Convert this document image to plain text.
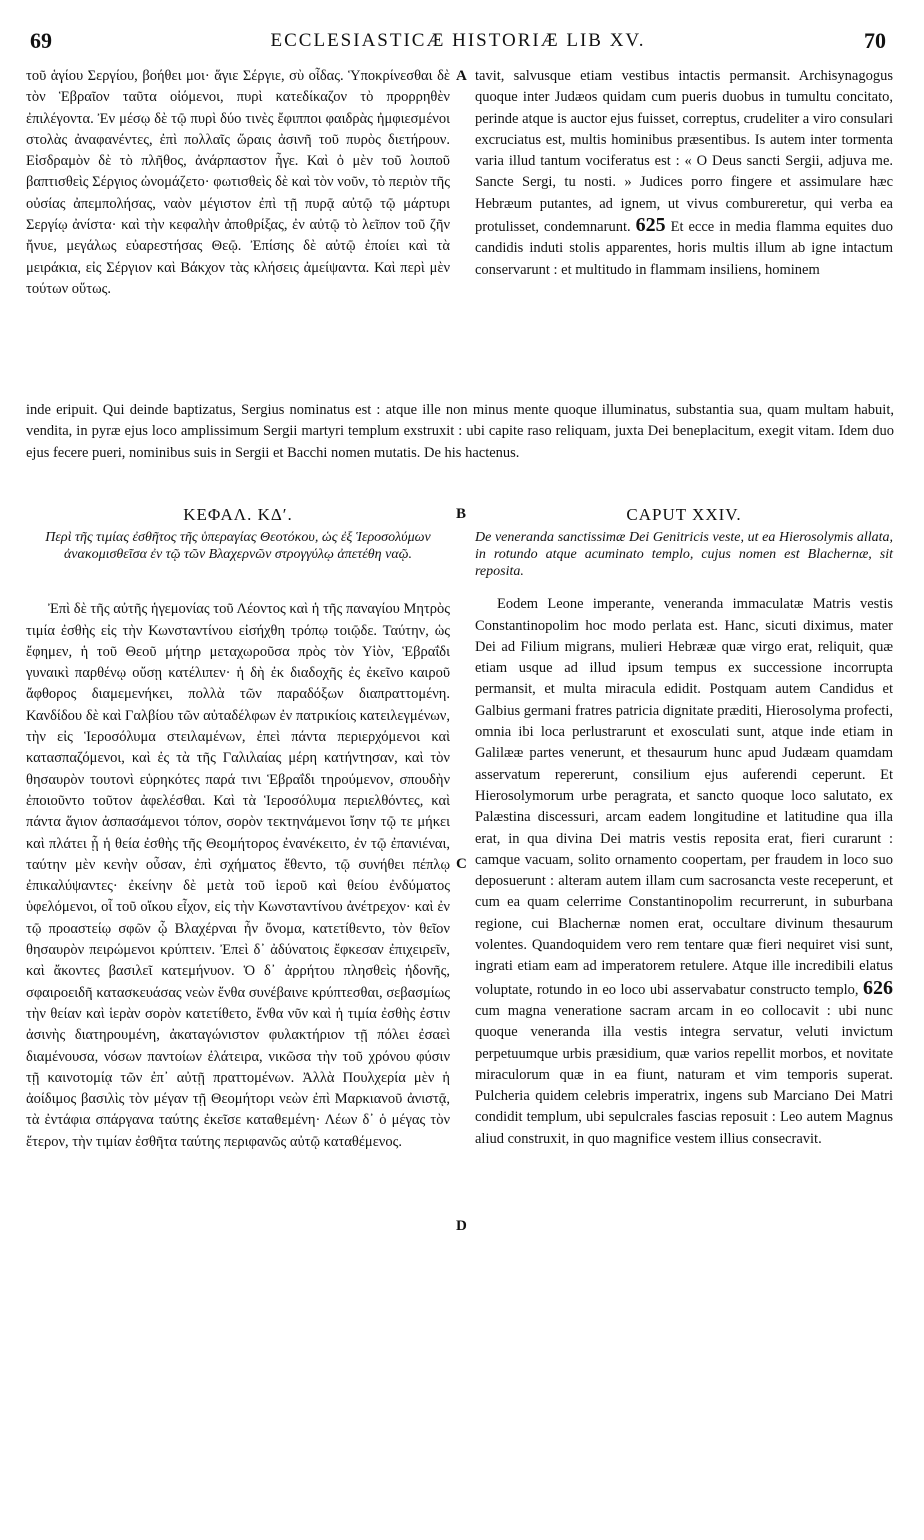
69	ECCLESIASTICÆ HISTORIÆ LIB XV.	70

τοῦ ἁγίου Σεργίου, βοήθει μοι· ἅγιε Σέργιε, σὺ οἶδας. Ὑποκρίνεσθαι δὲ τὸν Ἑβραῖον ταῦτα οἰόμενοι, πυρὶ κατεδίκαζον τὸ προρρηθὲν ἐπιλέγοντα. Ἐν μέσῳ δὲ τῷ πυρὶ δύο τινὲς ἔφιπποι φαιδρὰς ἠμφιεσμένοι στολὰς ἀναφανέντες, ἐπὶ πολλαῖς ὥραις ἀσινῆ τοῦ πυρὸς διετήρουν. Εἰσδραμὸν δὲ τὸ πλῆθος, ἀνάρπαστον ἦγε. Καὶ ὁ μὲν τοῦ λοιποῦ βαπτισθεὶς Σέργιος ὠνομάζετο· φωτισθεὶς δὲ καὶ τὸν νοῦν, τὸ περιὸν τῆς οὐσίας ἀπεμπολήσας, ναὸν μέγιστον ἐπὶ τῇ πυρᾷ αὐτῷ τῷ μάρτυρι Σεργίῳ ἀνίστα· καὶ τὴν κεφαλὴν ἀποθρίξας, ἐν αὐτῷ τὸ λεῖπον τοῦ ζῆν ἤνυε, μεγάλως εὐαρεστήσας Θεῷ. Ἐπίσης δὲ αὐτῷ ἐποίει καὶ τὰ μειράκια, εἰς Σέργιον καὶ Βάκχον τὰς κλήσεις ἀμείψαντα. Καὶ περὶ μὲν τούτων οὕτως.

A tavit, salvusque etiam vestibus intactis permansit. Archisynagogus quoque inter Judæos quidam cum pueris duobus in tumultu concitato, perinde atque is auctor ejus fuisset, correptus, crudeliter a viro consulari excruciatus est, multis hominibus præsentibus. Is autem inter tormenta varia illud tantum vociferatus est : « O Deus sancti Sergii, adjuva me. Sancte Sergi, tu nosti. » Judices porro fingere et assimulare hæc Hebræum putantes, ad ignem, ut vivus combureretur, qui verba ea protulisset, condemnarunt. 625 Et ecce in media flamma equites duo candidis induti stolis apparentes, horis multis illum ab igne intactum conservarunt : et multitudo in flammam insiliens, hominem

inde eripuit. Qui deinde baptizatus, Sergius nominatus est : atque ille non minus mente quoque illuminatus, substantia sua, quam multam habuit, vendita, in pyræ ejus loco amplissimum Sergii martyri templum exstruxit : ubi capite raso reliquam, juxta Dei beneplacitum, exegit vitam. Idem duo ejus fecere pueri, nominibus suis in Sergii et Bacchi nomen mutatis. De his hactenus.

B
ΚΕΦΑΛ. ΚΔʹ.
Περὶ τῆς τιμίας ἐσθῆτος τῆς ὑπεραγίας Θεοτόκου, ὡς ἐξ Ἱεροσολύμων ἀνακομισθεῖσα ἐν τῷ τῶν Βλαχερνῶν στρογγύλῳ ἀπετέθη ναῷ.

Ἐπὶ δὲ τῆς αὐτῆς ἡγεμονίας τοῦ Λέοντος καὶ ἡ τῆς παναγίου Μητρὸς τιμία ἐσθὴς εἰς τὴν Κωνσταντίνου εἰσήχθη τρόπῳ τοιῷδε. Ταύτην, ὡς ἔφημεν, ἡ τοῦ Θεοῦ μήτηρ μεταχωροῦσα πρὸς τὸν Υἱὸν, Ἑβραΐδι γυναικὶ παρθένῳ οὔσῃ κατέλιπεν· ἡ δὴ ἐκ διαδοχῆς ἐς ἐκεῖνο καιροῦ ἄφθορος διαμεμενήκει, πολλὰ τῶν παραδόξων διαπραττομένη. Κανδίδου δὲ καὶ Γαλβίου τῶν αὐταδέλφων ἐν πατρικίοις κατειλεγμένων, τὴν εἰς Ἱεροσόλυμα στειλαμένων, ἐπεὶ πάντα περιερχόμενοι καὶ κατασπαζόμενοι, καὶ ἐς τὰ τῆς Γαλιλαίας μέρη κατήντησαν, καὶ τὸν θησαυρὸν τουτονὶ εὑρηκότες παρά τινι Ἑβραΐδι τηρούμενον, σπουδὴν ἐποιοῦντο τοῦτον ἀφελέσθαι. Καὶ τὰ Ἱεροσόλυμα περιελθόντες, καὶ πάντα ἅγιον ἀσπασάμενοι τόπον, σορὸν τεκτηνάμενοι ἴσην τῷ τε μήκει καὶ πλάτει ᾗ ἡ θεία ἐσθὴς τῆς Θεομήτορος ἐνανέκειτο, ἐν τῷ ἐπανιέναι, ταύτην μὲν κενὴν οὖσαν, ἐπὶ σχήματος ἔθεντο, τῷ συνήθει πέπλῳ ἐπικαλύψαντες· ἐκείνην δὲ μετὰ τοῦ ἱεροῦ καὶ θείου ἐνδύματος ὑφελόμενοι, οἷ τοῦ οἴκου εἶχον, εἰς τὴν Κωνσταντίνου ἀνέτρεχον· καὶ ἐν τῷ προαστείῳ σφῶν ᾧ Βλαχέρναι ἦν ὄνομα, κατετίθεντο, τὸν θεῖον θησαυρὸν πειρώμενοι κρύπτειν. Ἐπεὶ δ᾽ ἀδύνατοις ἔφκεσαν ἐπιχειρεῖν, καὶ ἄκοντες βασιλεῖ κατεμήνυον. Ὁ δ᾽ ἀρρήτου πλησθεὶς ἡδονῆς, σφαιροειδῆ κατασκευάσας νεὼν ἔνθα συνέβαινε κρύπτεσθαι, σεβασμίως τὴν θείαν καὶ ἱερὰν σορὸν κατετίθετο, ἔνθα νῦν καὶ ἡ τιμία ἐσθὴς ἐστιν ἀσινὴς διατηρουμένη, ἀκαταγώνιστον φυλακτήριον τῇ πόλει ἐσαεὶ διαμένουσα, νόσων παντοίων ἐλάτειρα, νικῶσα τὴν τοῦ χρόνου φύσιν τῇ καινοτομίᾳ τῶν ἐπ᾽ αὐτῇ πραττομένων. Ἀλλὰ Πουλχερία μὲν ἡ ἀοίδιμος βασιλὶς τὸν μέγαν τῇ Θεομήτορι νεὼν ἐπὶ Μαρκιανοῦ ἀνιστᾷ, τὰ ἐντάφια σπάργανα ταύτης ἐκεῖσε καταθεμένη· Λέων δ᾽ ὁ μέγας τὸν ἕτερον, τὴν τιμίαν ἐσθῆτα ταύτης περιφανῶς αὐτῷ καταθέμενος.

CAPUT XXIV.
De veneranda sanctissimæ Dei Genitricis veste, ut ea Hierosolymis allata, in rotundo atque acuminato templo, cujus nomen est Blachernæ, sit reposita.

Eodem Leone imperante, veneranda immaculatæ Matris vestis Constantinopolim hoc modo perlata est. Hanc, sicuti diximus, mater Dei ad Filium migrans, mulieri Hebrææ quæ virgo erat, reliquit, quæ etiam usque ad illud ipsum tempus ex successione incorrupta permansit, et multa miracula edidit. Postquam autem Candidus et Galbius germani fratres patricia dignitate præditi, Hierosolyma profecti, omnia ibi loca perlustrarunt et exosculati sunt, atque inde etiam in Galilææ partes venerunt, et thesaurum hunc apud Judæam quamdam asservatum repererunt, consilium ejus auferendi ceperunt. Et Hierosolymorum urbe peragrata, et sancto quoque loco salutato, ex Palæstina discessuri, arcam eadem longitudine et latitudine qua illa erat, in qua divina Dei matris vestis reposita erat, fieri curarunt : camque vacuam, solito ornamento coopertam, per fraudem in loco suo deposuerunt : alteram autem illam cum sacrosancta veste receperunt, et cum ea quam celerrime Constantinopolim recurrerunt, in suburbana regione, cui Blachernæ nomen erat, occultare divinum thesaurum volentes. Quandoquidem vero rem tentare quæ fieri nequiret visi sunt, ingrati etiam eam ad imperatorem retulere. Atque ille incredibili elatus voluptate, rotundo in eo loco ubi asservabatur constructo templo, 626 cum magna veneratione sacram arcam in eo collocavit : ubi nunc quoque veneranda illa vestis integra servatur, veluti invictum perpetuumque urbis præsidium, quæ varios repellit morbos, et novitate miraculorum quæ in ea fiunt, naturam et vim temporis superat. Pulcheria quidem celebris imperatrix, ingens sub Marciano Dei Matri condidit templum, ubi sepulcrales fascias reposuit : Leo autem Magnus aliud construxit, in quo magnifice vestem illius consecravit.

C
D
